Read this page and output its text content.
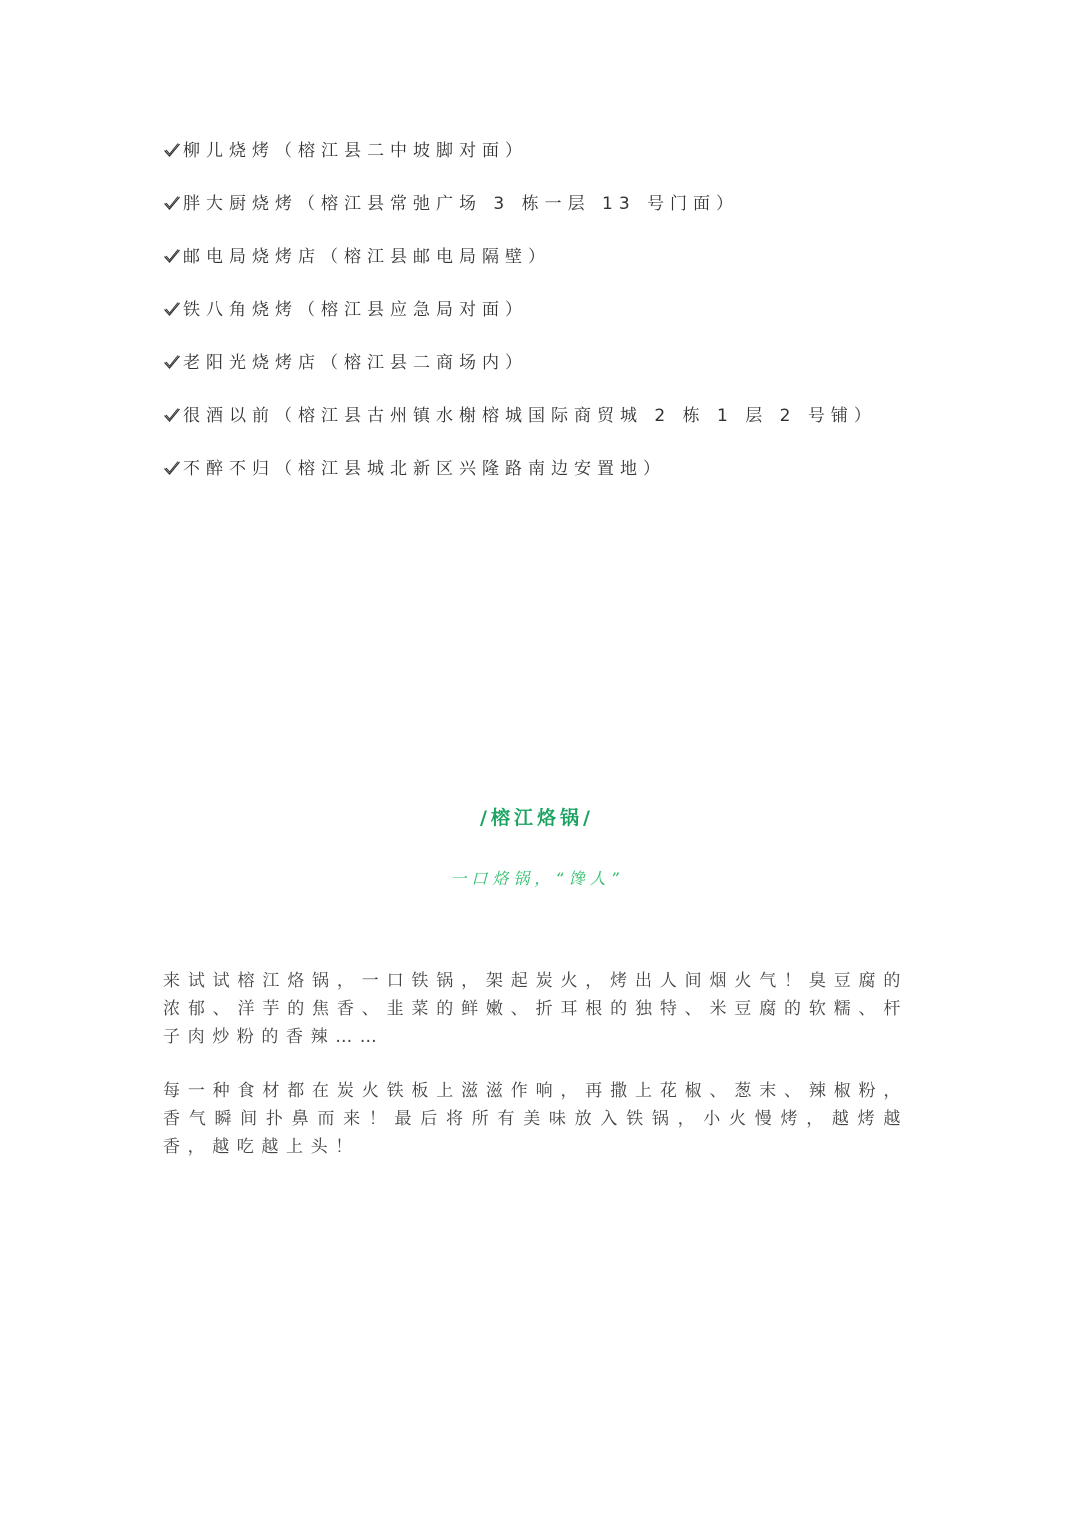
柳儿烧烤（榕江县二中坡脚对面）
胖大厨烧烤（榕江县常弛广场 3 栋一层 13 号门面）
邮电局烧烤店（榕江县邮电局隔壁）
铁八角烧烤（榕江县应急局对面）
老阳光烧烤店（榕江县二商场内）
很酒以前（榕江县古州镇水榭榕城国际商贸城 2 栋 1 层 2 号铺）
不醉不归（榕江县城北新区兴隆路南边安置地）
/榕江烙锅/

一口烙锅，“馋人”

来试试榕江烙锅，一口铁锅，架起炭火，烤出人间烟火气！臭豆腐的浓郁、洋芋的焦香、韭菜的鲜嫩、折耳根的独特、米豆腐的软糯、杆子肉炒粉的香辣……

每一种食材都在炭火铁板上滋滋作响，再撒上花椒、葱末、辣椒粉，香气瞬间扑鼻而来！最后将所有美味放入铁锅，小火慢烤，越烤越香，越吃越上头！
